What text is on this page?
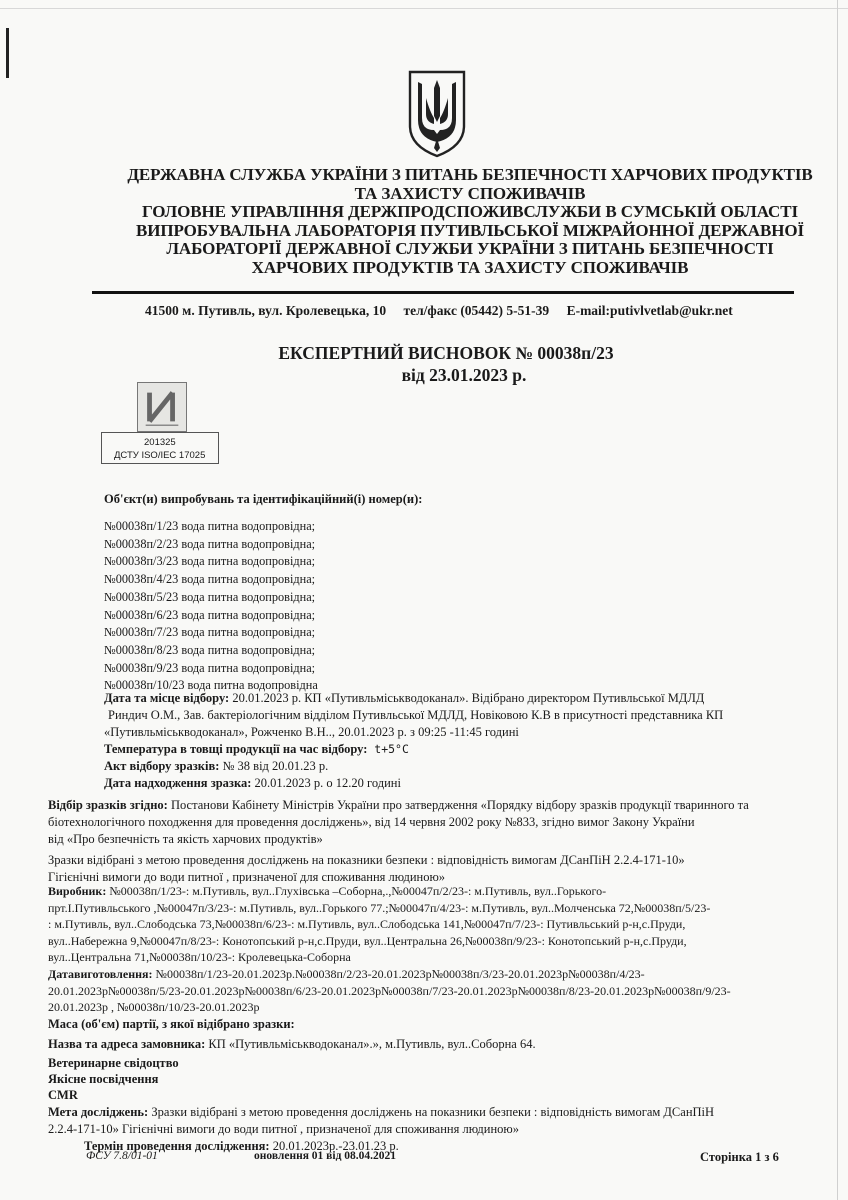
ДЕРЖАВНА СЛУЖБА УКРАЇНИ З ПИТАНЬ БЕЗПЕЧНОСТІ ХАРЧОВИХ ПРОДУКТІВ
ТА ЗАХИСТУ СПОЖИВАЧІВ
ГОЛОВНЕ УПРАВЛІННЯ ДЕРЖПРОДСПОЖИВСЛУЖБИ В СУМСЬКІЙ ОБЛАСТІ
ВИПРОБУВАЛЬНА ЛАБОРАТОРІЯ ПУТИВЛЬСЬКОЇ МІЖРАЙОННОЇ ДЕРЖАВНОЇ
ЛАБОРАТОРІЇ ДЕРЖАВНОЇ СЛУЖБИ УКРАЇНИ З ПИТАНЬ БЕЗПЕЧНОСТІ
ХАРЧОВИХ ПРОДУКТІВ ТА ЗАХИСТУ СПОЖИВАЧІВ
41500 м. Путивль, вул. Кролевецька, 10 тел/факс (05442) 5-51-39 E-mail:putivlvetlab@ukr.net
ЕКСПЕРТНИЙ ВИСНОВОК № 00038п/23
від 23.01.2023 р.
201325
ДСТУ ISO/IEC 17025
Об'єкт(и) випробувань та ідентифікаційний(і) номер(и):
№00038п/1/23 вода питна водопровідна;
№00038п/2/23 вода питна водопровідна;
№00038п/3/23 вода питна водопровідна;
№00038п/4/23 вода питна водопровідна;
№00038п/5/23 вода питна водопровідна;
№00038п/6/23 вода питна водопровідна;
№00038п/7/23 вода питна водопровідна;
№00038п/8/23 вода питна водопровідна;
№00038п/9/23 вода питна водопровідна;
№00038п/10/23 вода питна водопровідна
Дата та місце відбору: 20.01.2023 р. КП «Путивльміськводоканал». Відібрано директором Путивльської МДЛД
Риндич О.М., Зав. бактеріологічним відділом Путивльської МДЛД, Новіковою К.В в присутності представника КП
«Путивльміськводоканал», Рожченко В.Н.., 20.01.2023 р. з 09:25 -11:45 годині
Температура в товщі продукції на час відбору: t+5°С
Акт відбору зразків: № 38 від 20.01.23 р.
Дата надходження зразка: 20.01.2023 р. о 12.20 годині
Відбір зразків згідно: Постанови Кабінету Міністрів України про затвердження «Порядку відбору зразків продукції тваринного та
біотехнологічного походження для проведення досліджень», від 14 червня 2002 року №833, згідно вимог Закону України
від «Про безпечність та якість харчових продуктів»
Зразки відібрані з метою проведення досліджень на показники безпеки : відповідність вимогам ДСанПіН 2.2.4-171-10»
Гігієнічні вимоги до води питної , призначеної для споживання людиною»
Виробник: №00038п/1/23-: м.Путивль, вул..Глухівська –Соборна,.,№00047п/2/23-: м.Путивль, вул..Горького-
прт.І.Путивльського ,№00047п/3/23-: м.Путивль, вул..Горького 77.;№00047п/4/23-: м.Путивль, вул..Молченська 72,№00038п/5/23-
: м.Путивль, вул..Слободська 73,№00038п/6/23-: м.Путивль, вул..Слободська 141,№00047п/7/23-: Путивльський р-н,с.Пруди,
вул..Набережна 9,№00047п/8/23-: Конотопський р-н,с.Пруди, вул..Центральна 26,№00038п/9/23-: Конотопський р-н,с.Пруди,
вул..Центральна 71,№00038п/10/23-: Кролевецька-Соборна
Датавиготовлення: №00038п/1/23-20.01.2023р.№00038п/2/23-20.01.2023р№00038п/3/23-20.01.2023р№00038п/4/23-
20.01.2023р№00038п/5/23-20.01.2023р№00038п/6/23-20.01.2023р№00038п/7/23-20.01.2023р№00038п/8/23-20.01.2023р№00038п/9/23-
20.01.2023р , №00038п/10/23-20.01.2023р
Маса (об'єм) партії, з якої відібрано зразки:
Назва та адреса замовника: КП «Путивльміськводоканал».», м.Путивль, вул..Соборна 64.
Ветеринарне свідоцтво
Якісне посвідчення
CMR
Мета досліджень: Зразки відібрані з метою проведення досліджень на показники безпеки : відповідність вимогам ДСанПіН
2.2.4-171-10» Гігієнічні вимоги до води питної , призначеної для споживання людиною»
Термін проведення дослідження: 20.01.2023р.-23.01.23 р.
ФСУ 7.8/01-01	оновлення 01 від 08.04.2021	Сторінка 1 з 6
